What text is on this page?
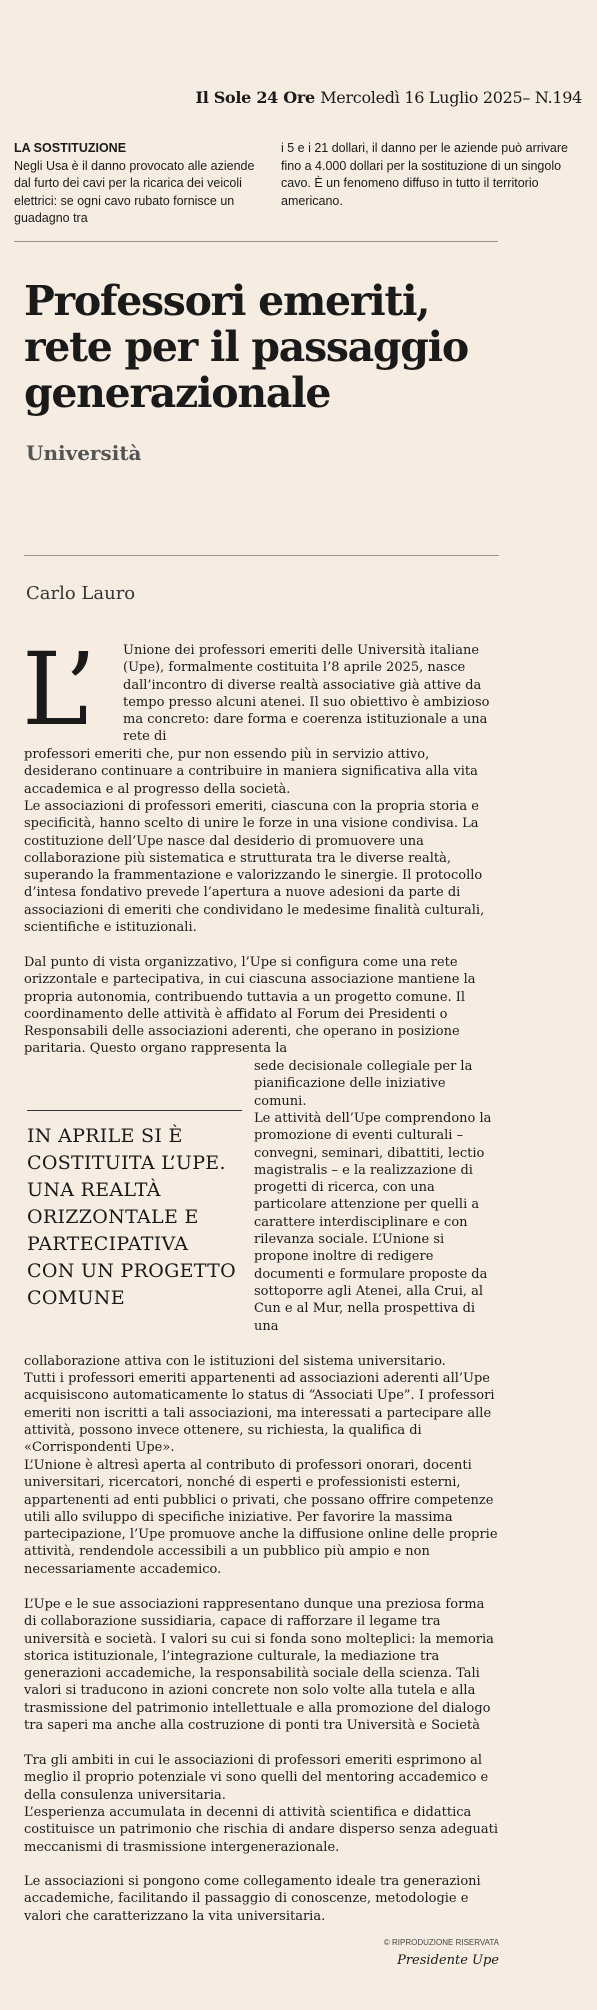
Il Sole 24 Ore Mercoledì 16 Luglio 2025– N.194
LA SOSTITUZIONE
Negli Usa è il danno provocato alle aziende dal furto dei cavi per la ricarica dei veicoli elettrici: se ogni cavo rubato fornisce un guadagno tra
i 5 e i 21 dollari, il danno per le aziende può arrivare fino a 4.000 dollari per la sostituzione di un singolo cavo. È un fenomeno diffuso in tutto il territorio americano.
Professori emeriti,
rete per il passaggio
generazionale
Università
Carlo Lauro
L’ Unione dei professori emeriti delle Università italiane (Upe), formalmente costituita l’8 aprile 2025, nasce dall’incontro di diverse realtà associative già attive da tempo presso alcuni atenei. Il suo obiettivo è ambizioso ma concreto: dare forma e coerenza istituzionale a una rete di

professori emeriti che, pur non essendo più in servizio attivo, desiderano continuare a contribuire in maniera significativa alla vita accademica e al progresso della società.

Le associazioni di professori emeriti, ciascuna con la propria storia e specificità, hanno scelto di unire le forze in una visione condivisa. La costituzione dell’Upe nasce dal desiderio di promuovere una collaborazione più sistematica e strutturata tra le diverse realtà, superando la frammentazione e valorizzando le sinergie. Il protocollo d’intesa fondativo prevede l’apertura a nuove adesioni da parte di associazioni di emeriti che condividano le medesime finalità culturali, scientifiche e istituzionali.

Dal punto di vista organizzativo, l’Upe si configura come una rete orizzontale e partecipativa, in cui ciascuna associazione mantiene la propria autonomia, contribuendo tuttavia a un progetto comune. Il coordinamento delle attività è affidato al Forum dei Presidenti o Responsabili delle associazioni aderenti, che operano in posizione paritaria. Questo organo rappresenta la

sede decisionale collegiale per la pianificazione delle iniziative comuni.

IN APRILE SI È COSTITUITA L’UPE. UNA REALTÀ ORIZZONTALE E PARTECIPATIVA CON UN PROGETTO COMUNE

Le attività dell’Upe comprendono la promozione di eventi culturali – convegni, seminari, dibattiti, lectio magistralis – e la realizzazione di progetti di ricerca, con una particolare attenzione per quelli a carattere interdisciplinare e con rilevanza sociale. L’Unione si propone inoltre di redigere documenti e formulare proposte da sottoporre agli Atenei, alla Crui, al Cun e al Mur, nella prospettiva di una

collaborazione attiva con le istituzioni del sistema universitario.

Tutti i professori emeriti appartenenti ad associazioni aderenti all’Upe acquisiscono automaticamente lo status di “Associati Upe”. I professori emeriti non iscritti a tali associazioni, ma interessati a partecipare alle attività, possono invece ottenere, su richiesta, la qualifica di «Corrispondenti Upe».

L’Unione è altresì aperta al contributo di professori onorari, docenti universitari, ricercatori, nonché di esperti e professionisti esterni, appartenenti ad enti pubblici o privati, che possano offrire competenze utili allo sviluppo di specifiche iniziative. Per favorire la massima partecipazione, l’Upe promuove anche la diffusione online delle proprie attività, rendendole accessibili a un pubblico più ampio e non necessariamente accademico.

L’Upe e le sue associazioni rappresentano dunque una preziosa forma di collaborazione sussidiaria, capace di rafforzare il legame tra università e società. I valori su cui si fonda sono molteplici: la memoria storica istituzionale, l’integrazione culturale, la mediazione tra generazioni accademiche, la responsabilità sociale della scienza. Tali valori si traducono in azioni concrete non solo volte alla tutela e alla trasmissione del patrimonio intellettuale e alla promozione del dialogo tra saperi ma anche alla costruzione di ponti tra Università e Società

Tra gli ambiti in cui le associazioni di professori emeriti esprimono al meglio il proprio potenziale vi sono quelli del mentoring accademico e della consulenza universitaria.

L’esperienza accumulata in decenni di attività scientifica e didattica costituisce un patrimonio che rischia di andare disperso senza adeguati meccanismi di trasmissione intergenerazionale.

Le associazioni si pongono come collegamento ideale tra generazioni accademiche, facilitando il passaggio di conoscenze, metodologie e valori che caratterizzano la vita universitaria.

© RIPRODUZIONE RISERVATA
Presidente Upe
